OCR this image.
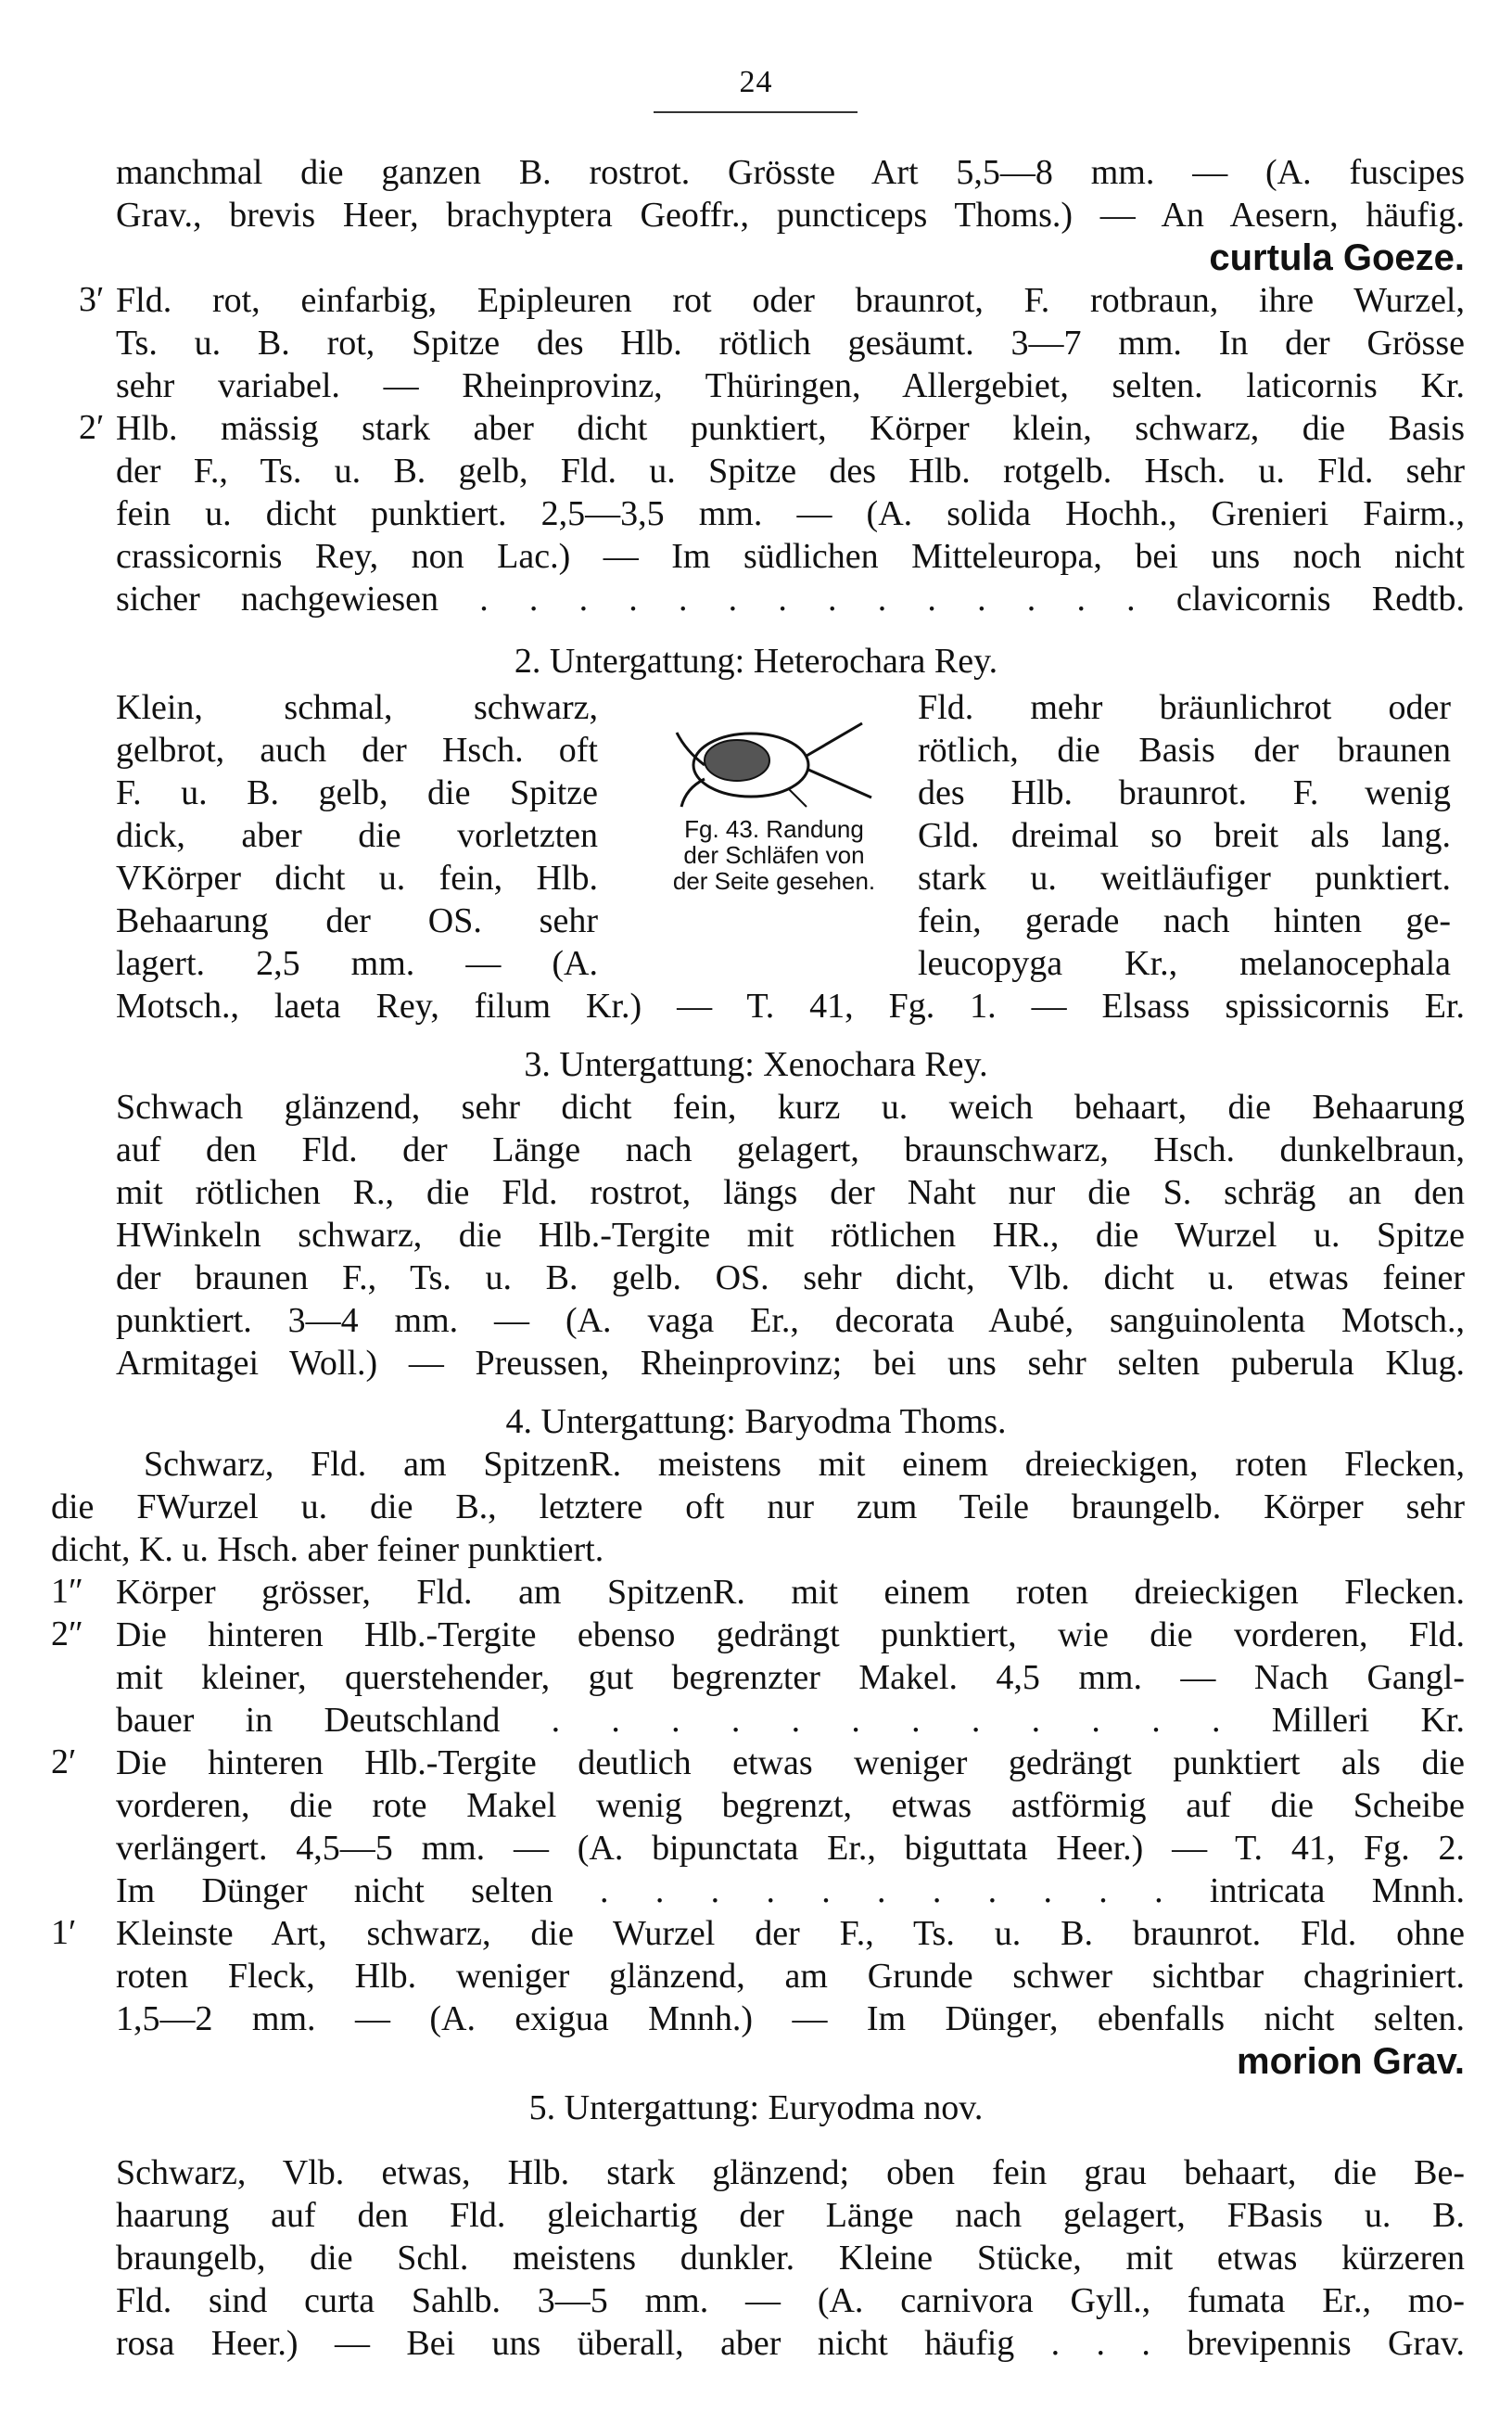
24
manchmal die ganzen B. rostrot. Grösste Art 5,5—8 mm. — (A. fuscipes
Grav., brevis Heer, brachyptera Geoffr., puncticeps Thoms.) — An Aesern, häufig.
curtula Goeze.
3′ Fld. rot, einfarbig, Epipleuren rot oder braunrot, F. rotbraun, ihre Wurzel,
Ts. u. B. rot, Spitze des Hlb. rötlich gesäumt. 3—7 mm. In der Grösse
sehr variabel. — Rheinprovinz, Thüringen, Allergebiet, selten. laticornis Kr.
2′ Hlb. mässig stark aber dicht punktiert, Körper klein, schwarz, die Basis
der F., Ts. u. B. gelb, Fld. u. Spitze des Hlb. rotgelb. Hsch. u. Fld. sehr
fein u. dicht punktiert. 2,5—3,5 mm. — (A. solida Hochh., Grenieri Fairm.,
crassicornis Rey, non Lac.) — Im südlichen Mitteleuropa, bei uns noch nicht
sicher nachgewiesen . . . . . . . . . . . . . . clavicornis Redtb.
2. Untergattung: Heterochara Rey.
Klein, schmal, schwarz,
gelbrot, auch der Hsch. oft
F. u. B. gelb, die Spitze
dick, aber die vorletzten
VKörper dicht u. fein, Hlb.
Behaarung der OS. sehr
lagert. 2,5 mm. — (A.
Fg. 43. Randung
der Schläfen von
der Seite gesehen.
Fld. mehr bräunlichrot oder
rötlich, die Basis der braunen
des Hlb. braunrot. F. wenig
Gld. dreimal so breit als lang.
stark u. weitläufiger punktiert.
fein, gerade nach hinten ge-
leucopyga Kr., melanocephala
Motsch., laeta Rey, filum Kr.) — T. 41, Fg. 1. — Elsass spissicornis Er.
3. Untergattung: Xenochara Rey.
Schwach glänzend, sehr dicht fein, kurz u. weich behaart, die Behaarung
auf den Fld. der Länge nach gelagert, braunschwarz, Hsch. dunkelbraun,
mit rötlichen R., die Fld. rostrot, längs der Naht nur die S. schräg an den
HWinkeln schwarz, die Hlb.-Tergite mit rötlichen HR., die Wurzel u. Spitze
der braunen F., Ts. u. B. gelb. OS. sehr dicht, Vlb. dicht u. etwas feiner
punktiert. 3—4 mm. — (A. vaga Er., decorata Aubé, sanguinolenta Motsch.,
Armitagei Woll.) — Preussen, Rheinprovinz; bei uns sehr selten puberula Klug.
4. Untergattung: Baryodma Thoms.
Schwarz, Fld. am SpitzenR. meistens mit einem dreieckigen, roten Flecken,
die FWurzel u. die B., letztere oft nur zum Teile braungelb. Körper sehr
dicht, K. u. Hsch. aber feiner punktiert.
1″ Körper grösser, Fld. am SpitzenR. mit einem roten dreieckigen Flecken.
2″ Die hinteren Hlb.-Tergite ebenso gedrängt punktiert, wie die vorderen, Fld.
mit kleiner, querstehender, gut begrenzter Makel. 4,5 mm. — Nach Gangl-
bauer in Deutschland . . . . . . . . . . . . Milleri Kr.
2′ Die hinteren Hlb.-Tergite deutlich etwas weniger gedrängt punktiert als die
vorderen, die rote Makel wenig begrenzt, etwas astförmig auf die Scheibe
verlängert. 4,5—5 mm. — (A. bipunctata Er., biguttata Heer.) — T. 41, Fg. 2.
Im Dünger nicht selten . . . . . . . . . . . intricata Mnnh.
1′ Kleinste Art, schwarz, die Wurzel der F., Ts. u. B. braunrot. Fld. ohne
roten Fleck, Hlb. weniger glänzend, am Grunde schwer sichtbar chagriniert.
1,5—2 mm. — (A. exigua Mnnh.) — Im Dünger, ebenfalls nicht selten.
morion Grav.
5. Untergattung: Euryodma nov.
Schwarz, Vlb. etwas, Hlb. stark glänzend; oben fein grau behaart, die Be-
haarung auf den Fld. gleichartig der Länge nach gelagert, FBasis u. B.
braungelb, die Schl. meistens dunkler. Kleine Stücke, mit etwas kürzeren
Fld. sind curta Sahlb. 3—5 mm. — (A. carnivora Gyll., fumata Er., mo-
rosa Heer.) — Bei uns überall, aber nicht häufig . . . brevipennis Grav.
